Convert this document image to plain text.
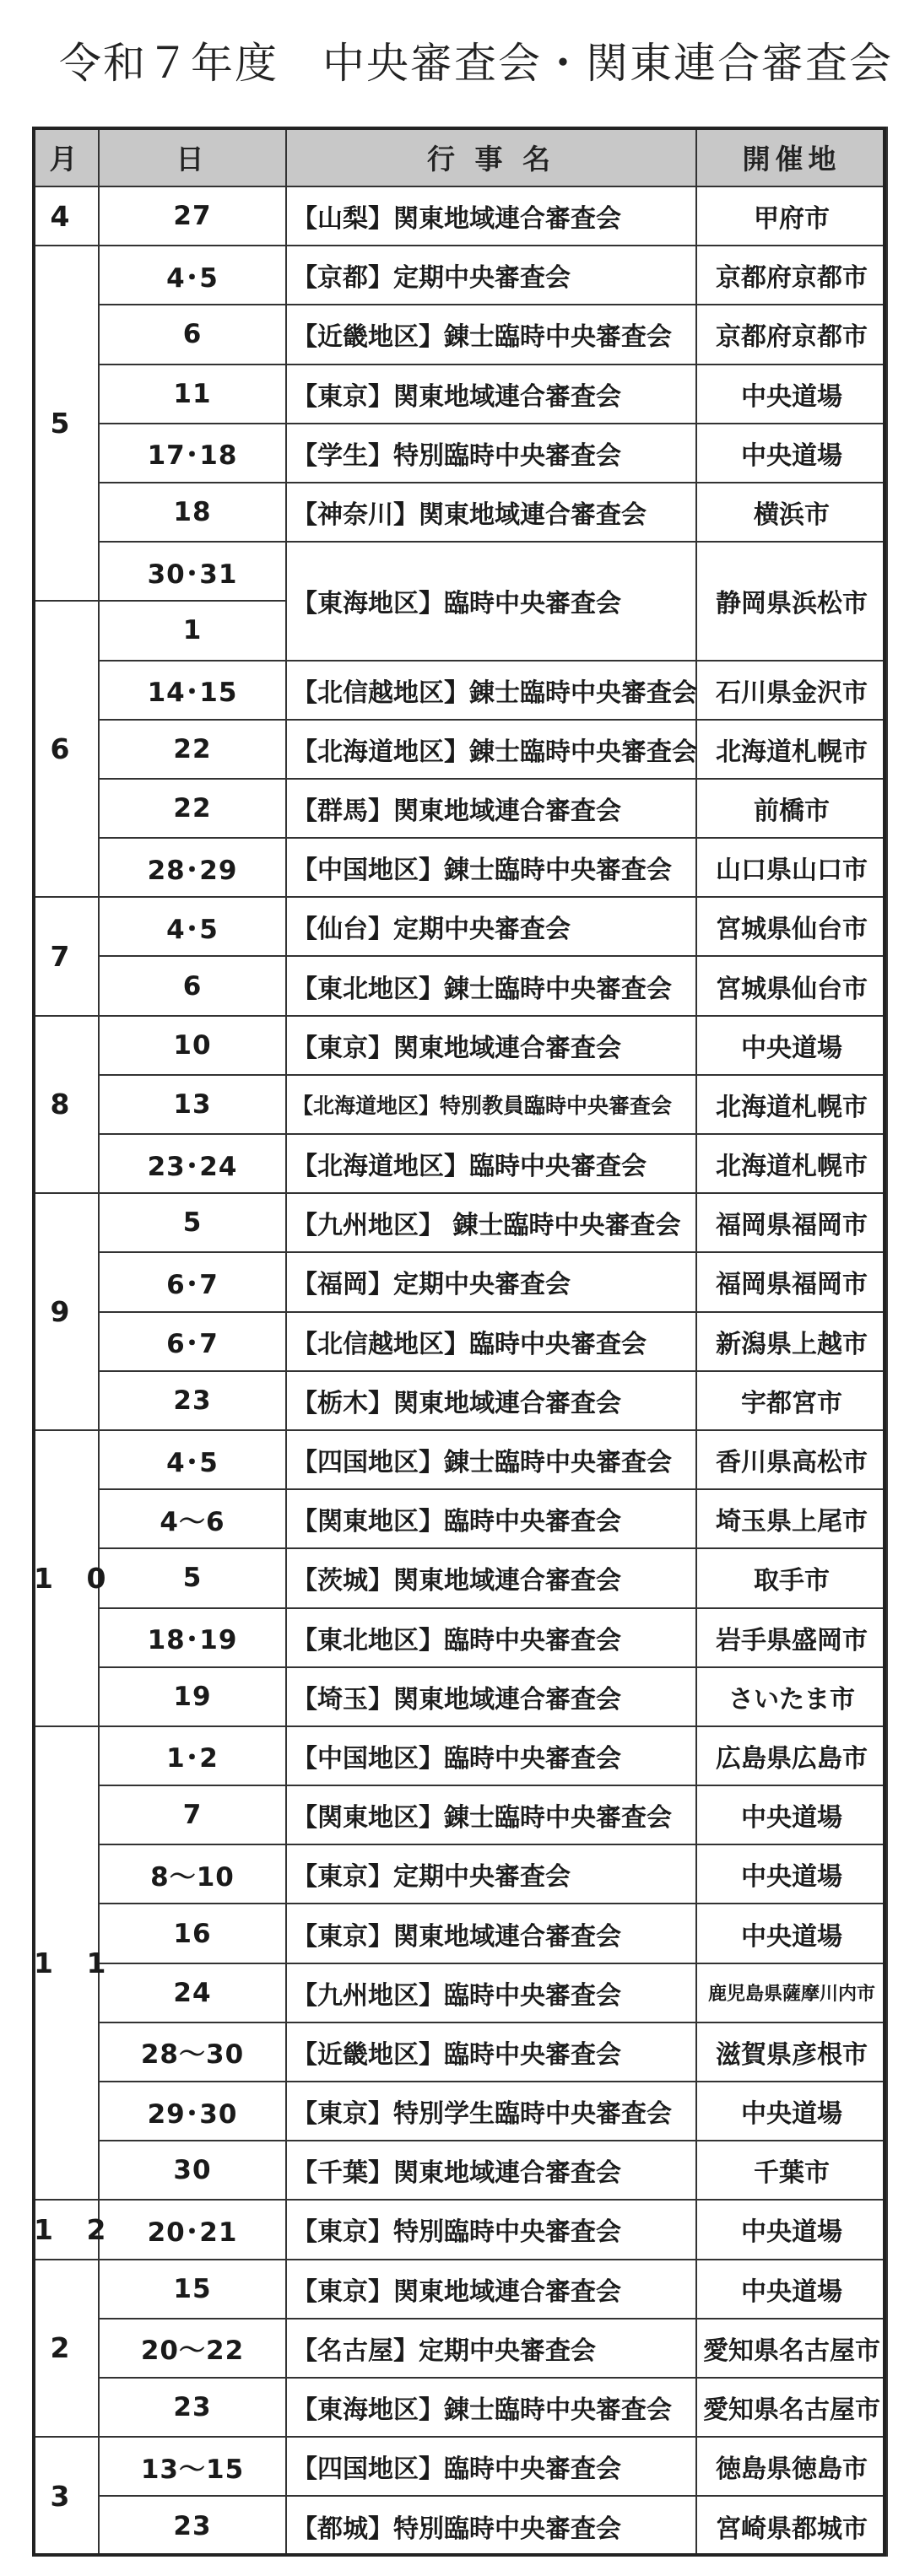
令和７年度　中央審査会・関東連合審査会
月	日	行 事 名	開催地
4	27	【山梨】関東地域連合審査会	甲府市
5	4･5	【京都】定期中央審査会	京都府京都市
	6	【近畿地区】錬士臨時中央審査会	京都府京都市
	11	【東京】関東地域連合審査会	中央道場
	17･18	【学生】特別臨時中央審査会	中央道場
	18	【神奈川】関東地域連合審査会	横浜市
	30･31	【東海地区】臨時中央審査会	静岡県浜松市
6	1		
	14･15	【北信越地区】錬士臨時中央審査会	石川県金沢市
	22	【北海道地区】錬士臨時中央審査会	北海道札幌市
	22	【群馬】関東地域連合審査会	前橋市
	28･29	【中国地区】錬士臨時中央審査会	山口県山口市
7	4･5	【仙台】定期中央審査会	宮城県仙台市
	6	【東北地区】錬士臨時中央審査会	宮城県仙台市
8	10	【東京】関東地域連合審査会	中央道場
	13	【北海道地区】特別教員臨時中央審査会	北海道札幌市
	23･24	【北海道地区】臨時中央審査会	北海道札幌市
9	5	【九州地区】 錬士臨時中央審査会	福岡県福岡市
	6･7	【福岡】定期中央審査会	福岡県福岡市
	6･7	【北信越地区】臨時中央審査会	新潟県上越市
	23	【栃木】関東地域連合審査会	宇都宮市
1 0	4･5	【四国地区】錬士臨時中央審査会	香川県高松市
	4～6	【関東地区】臨時中央審査会	埼玉県上尾市
	5	【茨城】関東地域連合審査会	取手市
	18･19	【東北地区】臨時中央審査会	岩手県盛岡市
	19	【埼玉】関東地域連合審査会	さいたま市
1 1	1･2	【中国地区】臨時中央審査会	広島県広島市
	7	【関東地区】錬士臨時中央審査会	中央道場
	8～10	【東京】定期中央審査会	中央道場
	16	【東京】関東地域連合審査会	中央道場
	24	【九州地区】臨時中央審査会	鹿児島県薩摩川内市
	28～30	【近畿地区】臨時中央審査会	滋賀県彦根市
	29･30	【東京】特別学生臨時中央審査会	中央道場
	30	【千葉】関東地域連合審査会	千葉市
1 2	20･21	【東京】特別臨時中央審査会	中央道場
2	15	【東京】関東地域連合審査会	中央道場
	20～22	【名古屋】定期中央審査会	愛知県名古屋市
	23	【東海地区】錬士臨時中央審査会	愛知県名古屋市
3	13～15	【四国地区】臨時中央審査会	徳島県徳島市
	23	【都城】特別臨時中央審査会	宮崎県都城市
